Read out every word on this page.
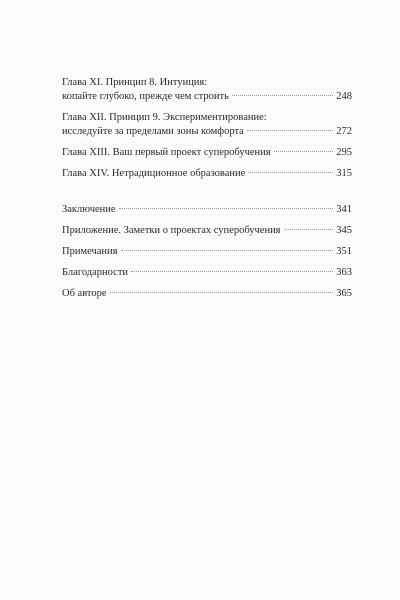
Глава XI. Принцип 8. Интуиция:
копайте глубоко, прежде чем строить	248
Глава XII. Принцип 9. Экспериментирование:
исследуйте за пределами зоны комфорта	272
Глава XIII. Ваш первый проект суперобучения	295
Глава XIV. Нетрадиционное образование	315
Заключение	341
Приложение. Заметки о проектах суперобучения	345
Примечания	351
Благодарности	363
Об авторе	365
